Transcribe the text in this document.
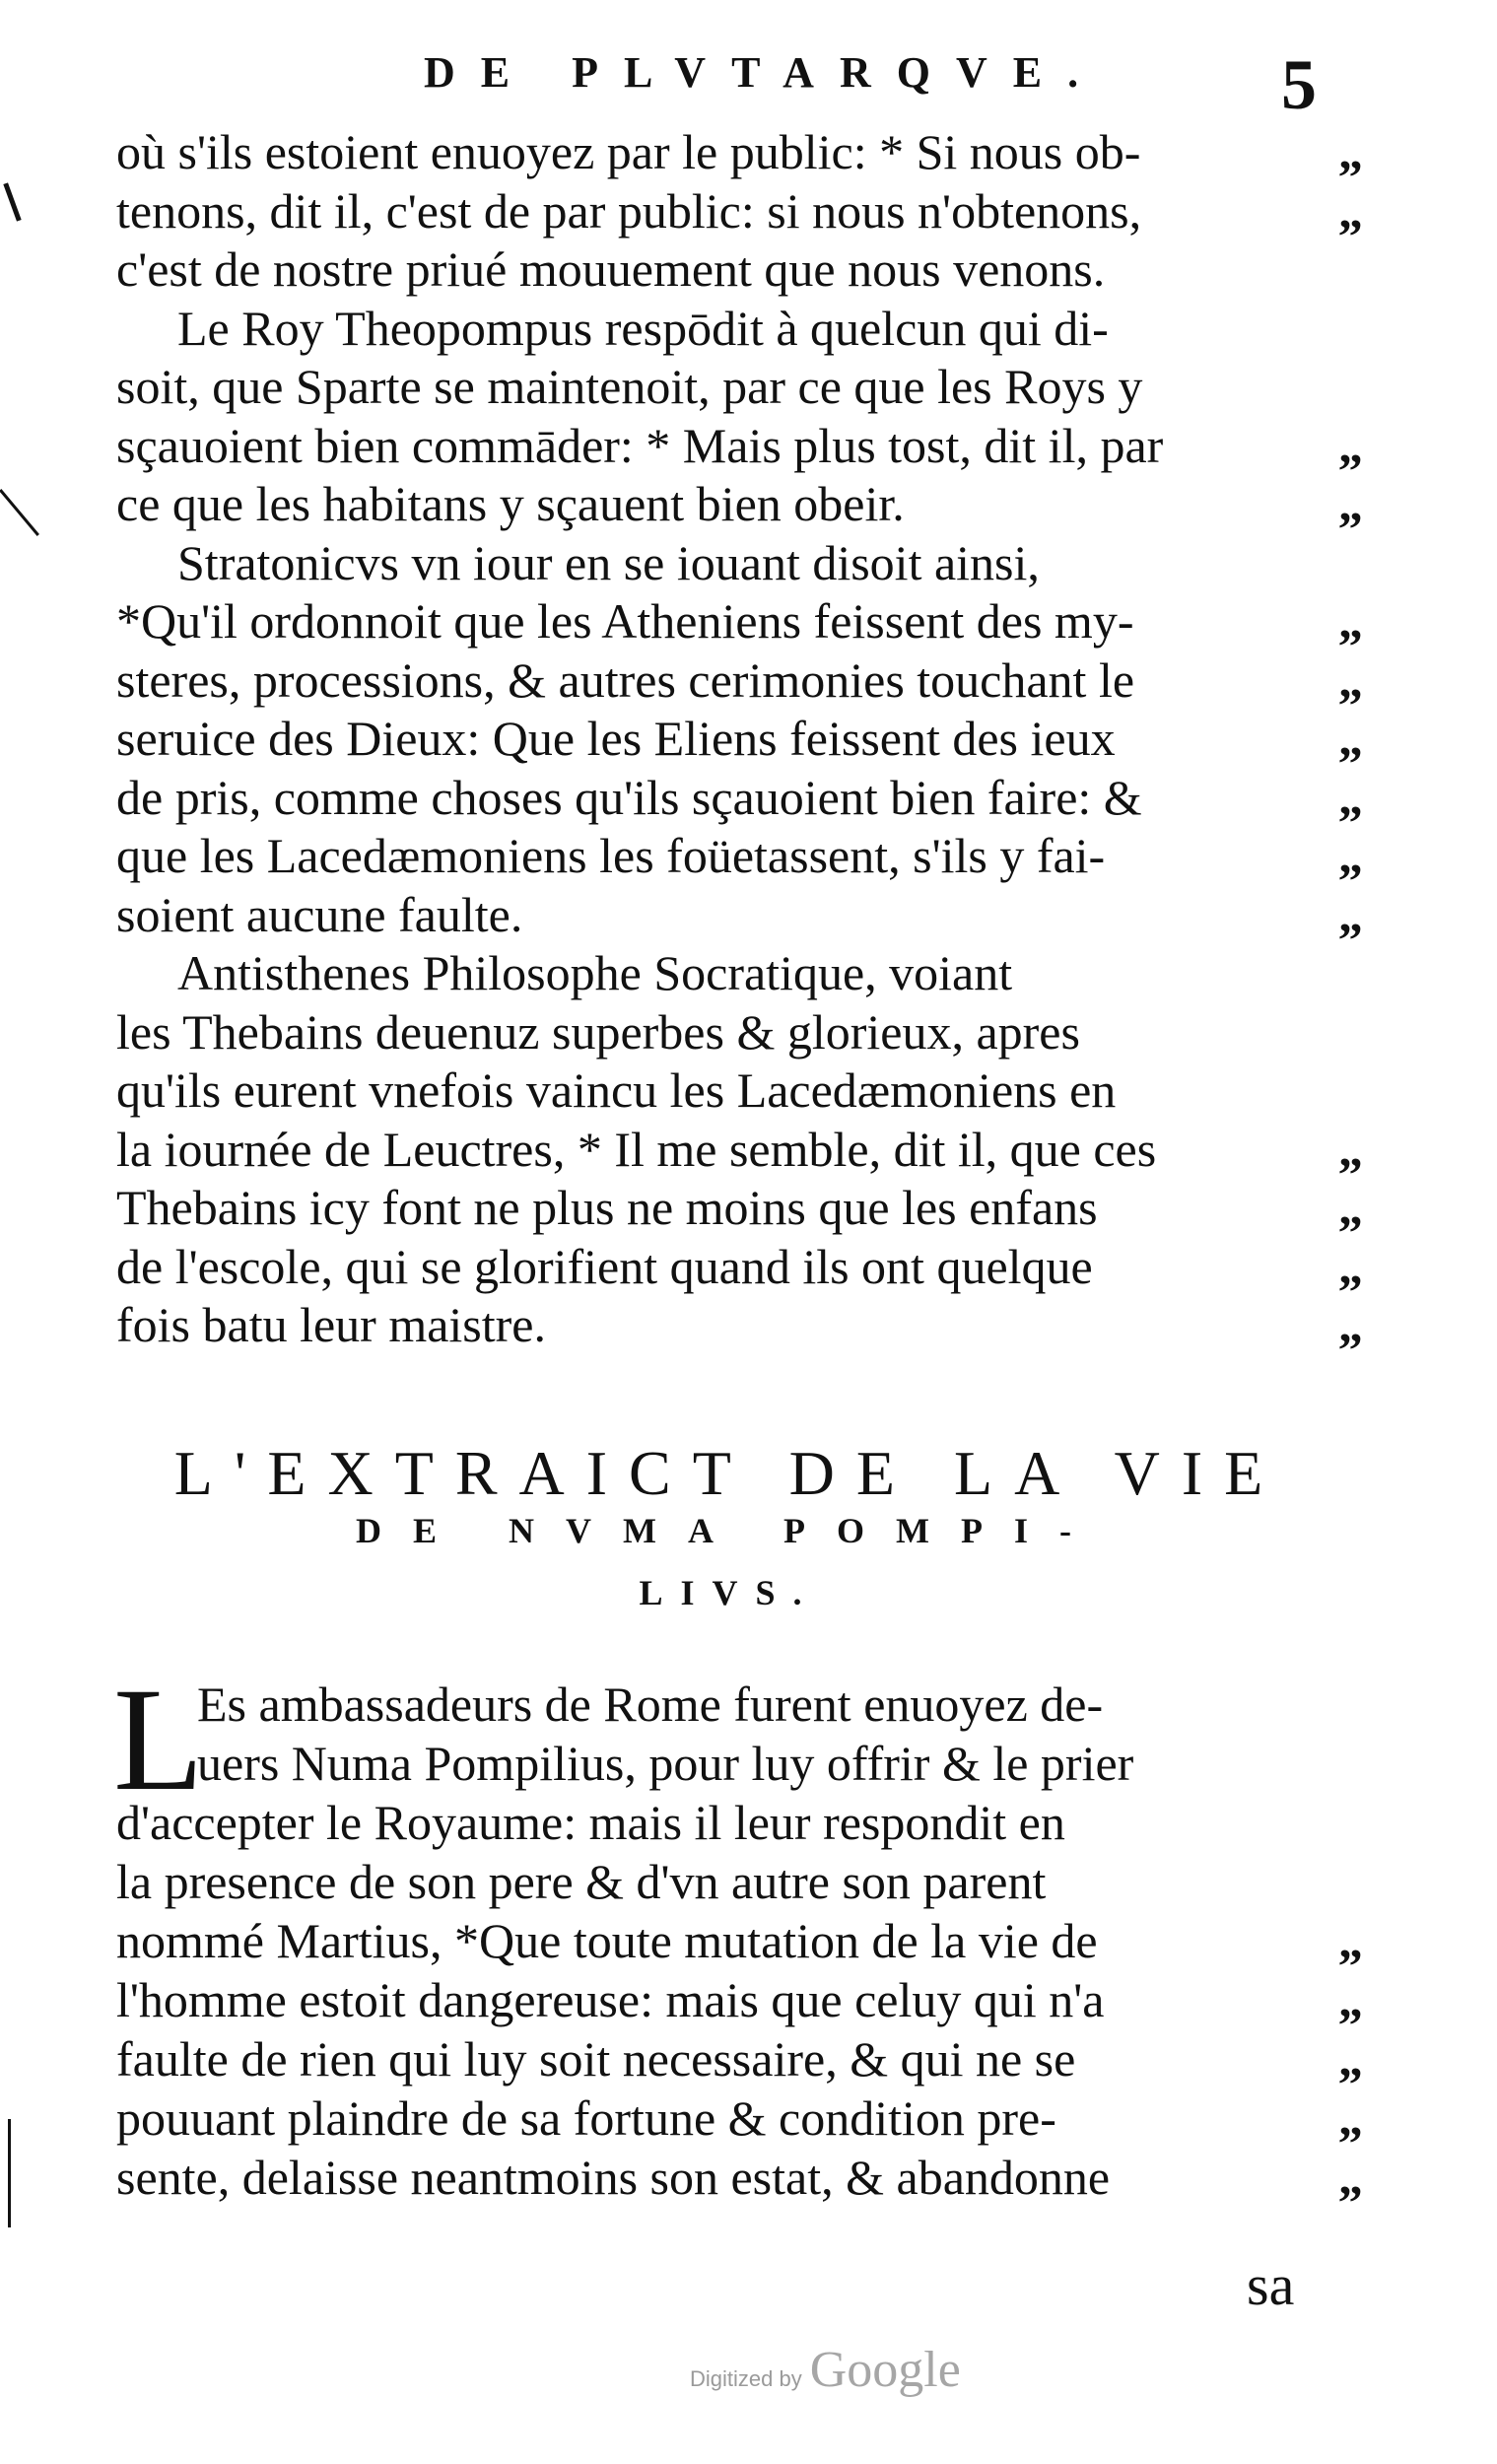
DE PLVTARQVE. 5
où s'ils estoient enuoyez par le public: * Si nous ob-	„
tenons, dit il, c'est de par public: si nous n'obtenons,	„
c'est de nostre priué mouuement que nous venons.
Le Roy Theopompus respōdit à quelcun qui di-
soit, que Sparte se maintenoit, par ce que les Roys y
sçauoient bien commāder: * Mais plus tost, dit il, par	„
ce que les habitans y sçauent bien obeir.	„
Stratonicvs vn iour en se iouant disoit ainsi,
*Qu'il ordonnoit que les Atheniens feissent des my-	„
steres, processions, & autres cerimonies touchant le	„
seruice des Dieux: Que les Eliens feissent des ieux	„
de pris, comme choses qu'ils sçauoient bien faire: &	„
que les Lacedæmoniens les foüetassent, s'ils y fai-	„
soient aucune faulte.	„
Antisthenes Philosophe Socratique, voiant
les Thebains deuenuz superbes & glorieux, apres
qu'ils eurent vnefois vaincu les Lacedæmoniens en
la iournée de Leuctres, * Il me semble, dit il, que ces	„
Thebains icy font ne plus ne moins que les enfans	„
de l'escole, qui se glorifient quand ils ont quelque	„
fois batu leur maistre.	„
L'EXTRAICT DE LA VIE
DE NVMA POMPI-
LIVS.
L
Es ambassadeurs de Rome furent enuoyez de-
uers Numa Pompilius, pour luy offrir & le prier
d'accepter le Royaume: mais il leur respondit en
la presence de son pere & d'vn autre son parent
nommé Martius, *Que toute mutation de la vie de	„
l'homme estoit dangereuse: mais que celuy qui n'a	„
faulte de rien qui luy soit necessaire, & qui ne se	„
pouuant plaindre de sa fortune & condition pre-	„
sente, delaisse neantmoins son estat, & abandonne	„
sa
Digitized by Google
